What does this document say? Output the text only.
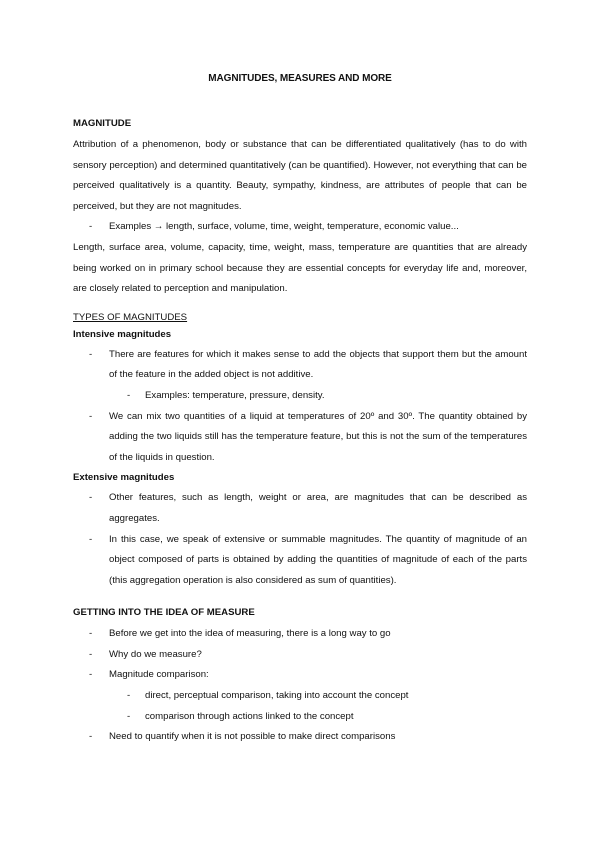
MAGNITUDES, MEASURES AND MORE
MAGNITUDE

Attribution of a phenomenon, body or substance that can be differentiated qualitatively (has to do with sensory perception) and determined quantitatively (can be quantified). However, not everything that can be perceived qualitatively is a quantity. Beauty, sympathy, kindness, are attributes of people that can be perceived, but they are not magnitudes.

- Examples → length, surface, volume, time, weight, temperature, economic value...

Length, surface area, volume, capacity, time, weight, mass, temperature are quantities that are already being worked on in primary school because they are essential concepts for everyday life and, moreover, are closely related to perception and manipulation.

TYPES OF MAGNITUDES
Intensive magnitudes
- There are features for which it makes sense to add the objects that support them but the amount of the feature in the added object is not additive.
- Examples: temperature, pressure, density.
- We can mix two quantities of a liquid at temperatures of 20º and 30º. The quantity obtained by adding the two liquids still has the temperature feature, but this is not the sum of the temperatures of the liquids in question.
Extensive magnitudes
- Other features, such as length, weight or area, are magnitudes that can be described as aggregates.
- In this case, we speak of extensive or summable magnitudes. The quantity of magnitude of an object composed of parts is obtained by adding the quantities of magnitude of each of the parts (this aggregation operation is also considered as sum of quantities).
GETTING INTO THE IDEA OF MEASURE
- Before we get into the idea of measuring, there is a long way to go
- Why do we measure?
- Magnitude comparison:
- direct, perceptual comparison, taking into account the concept
- comparison through actions linked to the concept
- Need to quantify when it is not possible to make direct comparisons
